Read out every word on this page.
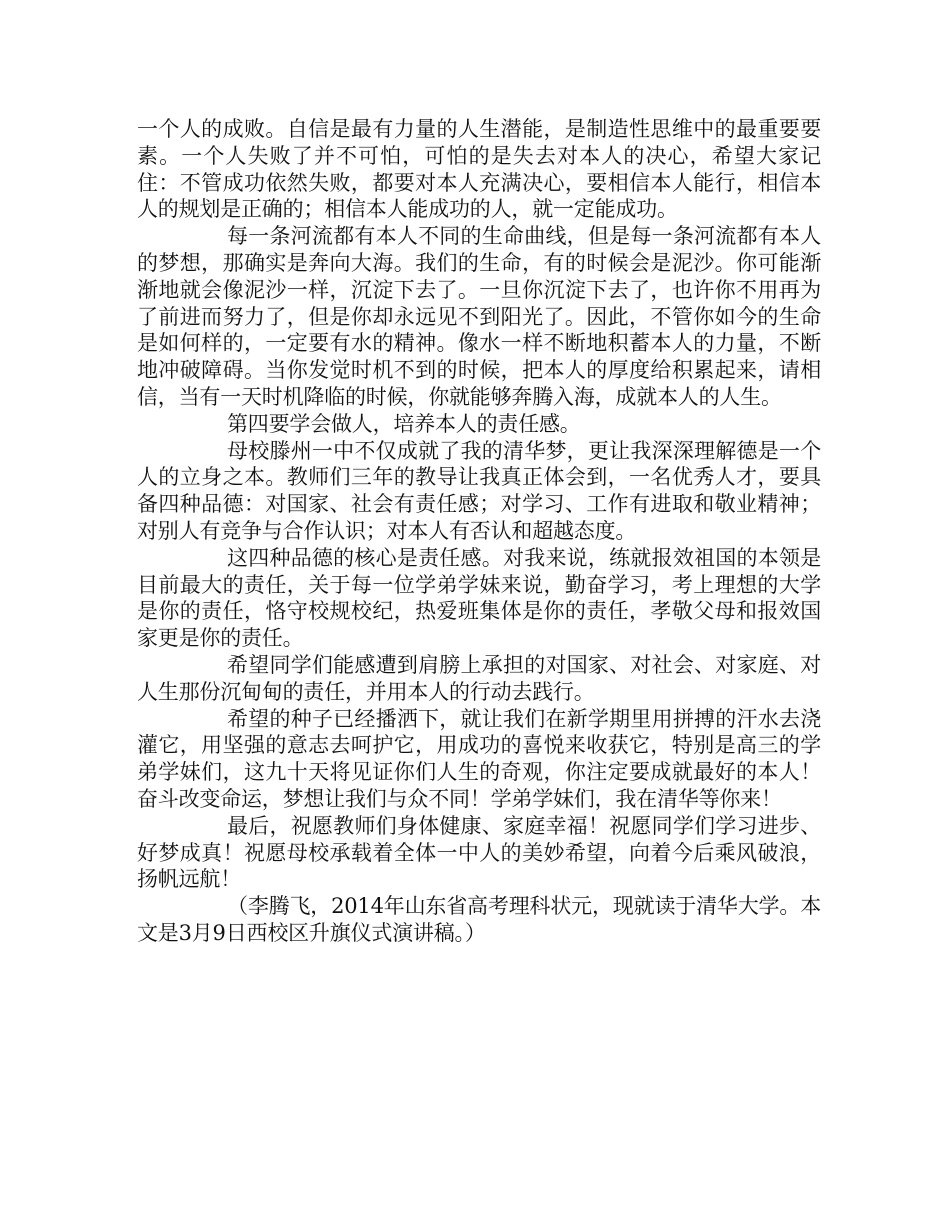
一个人的成败。自信是最有力量的人生潜能，是制造性思维中的最重要要素。一个人失败了并不可怕，可怕的是失去对本人的决心，希望大家记住：不管成功依然失败，都要对本人充满决心，要相信本人能行，相信本人的规划是正确的；相信本人能成功的人，就一定能成功。

每一条河流都有本人不同的生命曲线，但是每一条河流都有本人的梦想，那确实是奔向大海。我们的生命，有的时候会是泥沙。你可能渐渐地就会像泥沙一样，沉淀下去了。一旦你沉淀下去了，也许你不用再为了前进而努力了，但是你却永远见不到阳光了。因此，不管你如今的生命是如何样的，一定要有水的精神。像水一样不断地积蓄本人的力量，不断地冲破障碍。当你发觉时机不到的时候，把本人的厚度给积累起来，请相信，当有一天时机降临的时候，你就能够奔腾入海，成就本人的人生。

第四要学会做人，培养本人的责任感。

母校滕州一中不仅成就了我的清华梦，更让我深深理解德是一个人的立身之本。教师们三年的教导让我真正体会到，一名优秀人才，要具备四种品德：对国家、社会有责任感；对学习、工作有进取和敬业精神；对别人有竞争与合作认识；对本人有否认和超越态度。

这四种品德的核心是责任感。对我来说，练就报效祖国的本领是目前最大的责任，关于每一位学弟学妹来说，勤奋学习，考上理想的大学是你的责任，恪守校规校纪，热爱班集体是你的责任，孝敬父母和报效国家更是你的责任。

希望同学们能感遭到肩膀上承担的对国家、对社会、对家庭、对人生那份沉甸甸的责任，并用本人的行动去践行。

希望的种子已经播洒下，就让我们在新学期里用拼搏的汗水去浇灌它，用坚强的意志去呵护它，用成功的喜悦来收获它，特别是高三的学弟学妹们，这九十天将见证你们人生的奇观，你注定要成就最好的本人！奋斗改变命运，梦想让我们与众不同！学弟学妹们，我在清华等你来！

最后，祝愿教师们身体健康、家庭幸福！祝愿同学们学习进步、好梦成真！祝愿母校承载着全体一中人的美妙希望，向着今后乘风破浪，扬帆远航！

（李腾飞，2014年山东省高考理科状元，现就读于清华大学。本文是3月9日西校区升旗仪式演讲稿。）
